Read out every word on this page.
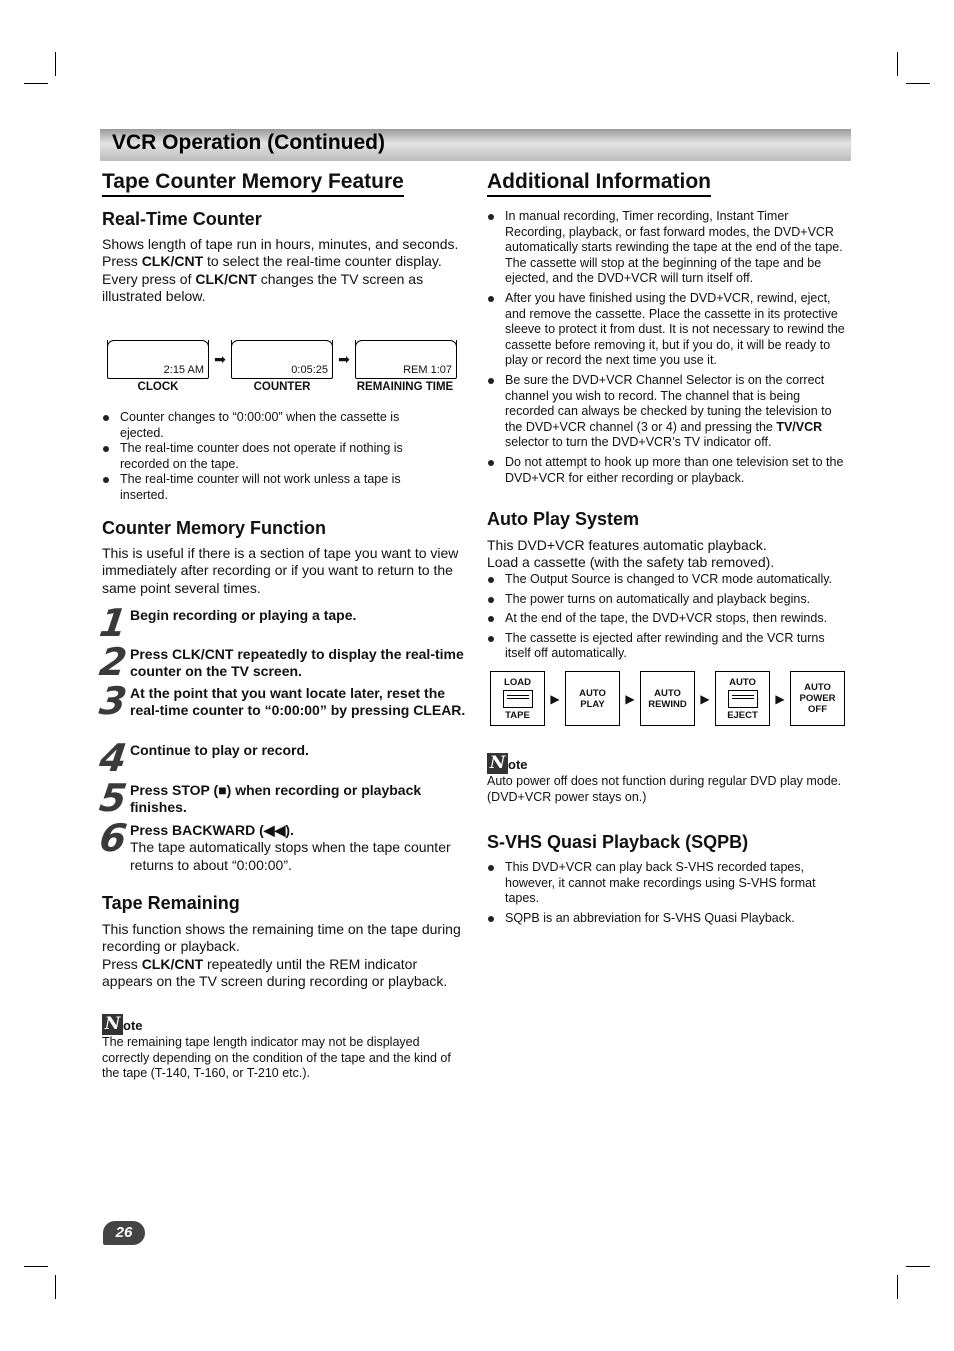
VCR Operation (Continued)
Tape Counter Memory Feature
Real-Time Counter

Shows length of tape run in hours, minutes, and seconds. Press CLK/CNT to select the real-time counter display.

Every press of CLK/CNT changes the TV screen as illustrated below.

2:15 AM
➡
0:05:25
➡
REM 1:07
CLOCK	COUNTER	REMAINING TIME
Counter changes to “0:00:00” when the cassette is ejected.
The real-time counter does not operate if nothing is recorded on the tape.
The real-time counter will not work unless a tape is inserted.
Counter Memory Function

This is useful if there is a section of tape you want to view immediately after recording or if you want to return to the same point several times.

1 Begin recording or playing a tape.
2 Press CLK/CNT repeatedly to display the real-time counter on the TV screen.
3 At the point that you want locate later, reset the real-time counter to “0:00:00” by pressing CLEAR.
4 Continue to play or record.
5 Press STOP (■) when recording or playback finishes.
6 Press BACKWARD (◀◀).
The tape automatically stops when the tape counter returns to about “0:00:00”.
Tape Remaining

This function shows the remaining time on the tape during recording or playback.

Press CLK/CNT repeatedly until the REM indicator appears on the TV screen during recording or playback.

N ote

The remaining tape length indicator may not be displayed correctly depending on the condition of the tape and the kind of the tape (T-140, T-160, or T-210 etc.).

Additional Information
In manual recording, Timer recording, Instant Timer Recording, playback, or fast forward modes, the DVD+VCR automatically starts rewinding the tape at the end of the tape. The cassette will stop at the beginning of the tape and be ejected, and the DVD+VCR will turn itself off.
After you have finished using the DVD+VCR, rewind, eject, and remove the cassette. Place the cassette in its protective sleeve to protect it from dust. It is not necessary to rewind the cassette before removing it, but if you do, it will be ready to play or record the next time you use it.
Be sure the DVD+VCR Channel Selector is on the correct channel you wish to record. The channel that is being recorded can always be checked by tuning the television to the DVD+VCR channel (3 or 4) and pressing the TV/VCR selector to turn the DVD+VCR’s TV indicator off.
Do not attempt to hook up more than one television set to the DVD+VCR for either recording or playback.
Auto Play System

This DVD+VCR features automatic playback.

Load a cassette (with the safety tab removed).

The Output Source is changed to VCR mode automatically.
The power turns on automatically and playback begins.
At the end of the tape, the DVD+VCR stops, then rewinds.
The cassette is ejected after rewinding and the VCR turns itself off automatically.
LOAD
TAPE
▶	AUTO
PLAY	▶	AUTO
REWIND	▶
AUTO
EJECT
▶
AUTO
POWER
OFF
N ote

Auto power off does not function during regular DVD play mode. (DVD+VCR power stays on.)

S-VHS Quasi Playback (SQPB)
This DVD+VCR can play back S-VHS recorded tapes, however, it cannot make recordings using S-VHS format tapes.
SQPB is an abbreviation for S-VHS Quasi Playback.
26
